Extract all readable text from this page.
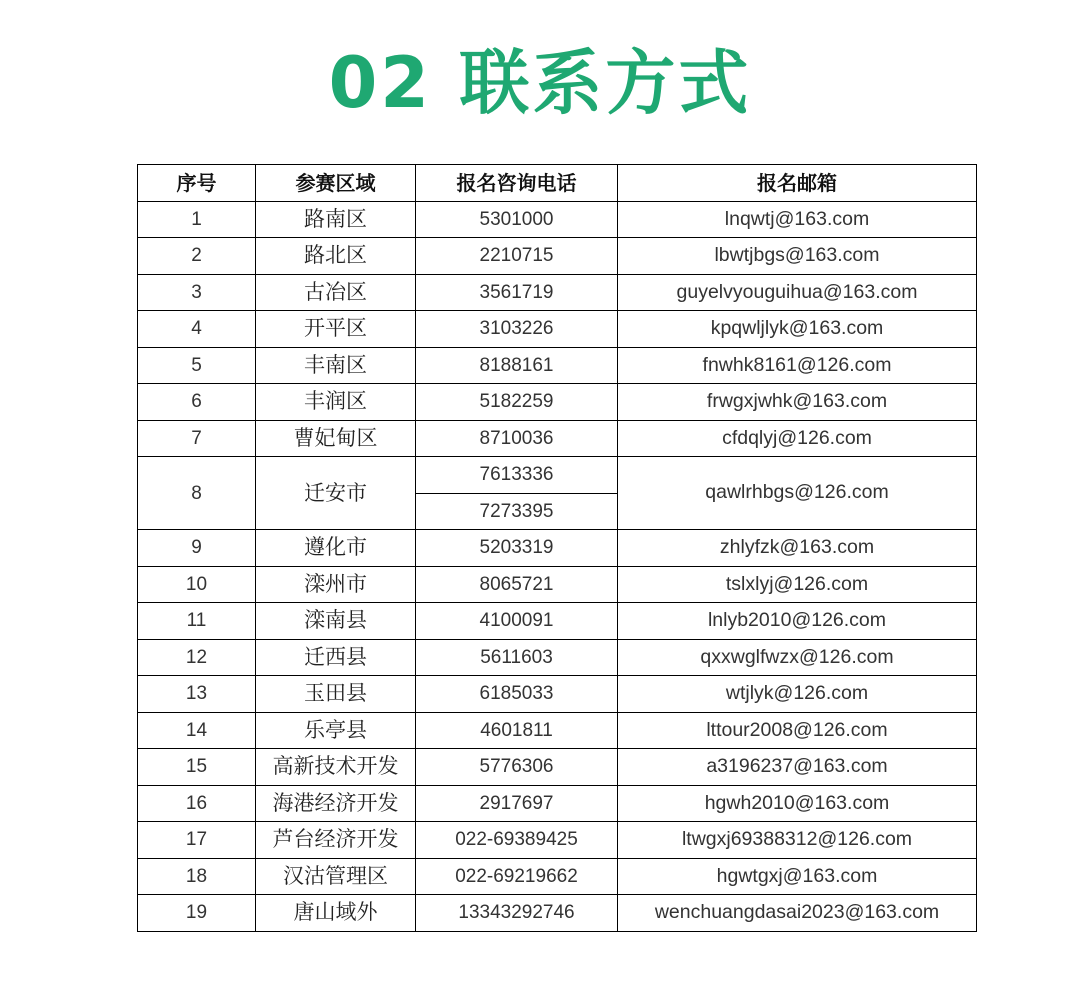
02 联系方式
序号	参赛区域	报名咨询电话	报名邮箱
1	路南区	5301000	lnqwtj@163.com
2	路北区	2210715	lbwtjbgs@163.com
3	古冶区	3561719	guyelvyouguihua@163.com
4	开平区	3103226	kpqwljlyk@163.com
5	丰南区	8188161	fnwhk8161@126.com
6	丰润区	5182259	frwgxjwhk@163.com
7	曹妃甸区	8710036	cfdqlyj@126.com
8	迁安市	7613336	qawlrhbgs@126.com
		7273395	
9	遵化市	5203319	zhlyfzk@163.com
10	滦州市	8065721	tslxlyj@126.com
11	滦南县	4100091	lnlyb2010@126.com
12	迁西县	5611603	qxxwglfwzx@126.com
13	玉田县	6185033	wtjlyk@126.com
14	乐亭县	4601811	lttour2008@126.com
15	高新技术开发	5776306	a3196237@163.com
16	海港经济开发	2917697	hgwh2010@163.com
17	芦台经济开发	022-69389425	ltwgxj69388312@126.com
18	汉沽管理区	022-69219662	hgwtgxj@163.com
19	唐山域外	13343292746	wenchuangdasai2023@163.com
